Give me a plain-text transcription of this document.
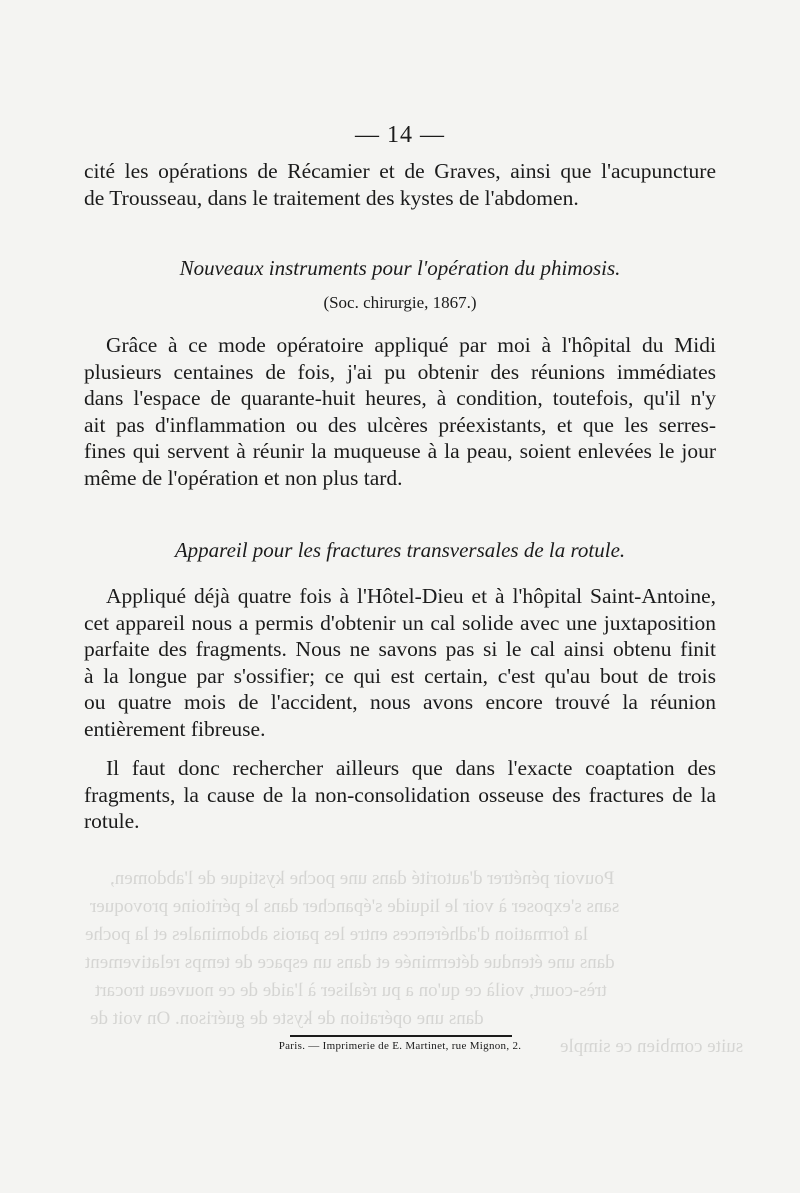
Pouvoir pénétrer d'autorité dans une poche kystique de l'abdomen,
sans s'exposer à voir le liquide s'épancher dans le péritoine provoquer
la formation d'adhérences entre les parois abdominales et la poche
dans une étendue déterminée et dans un espace de temps relativement
très-court, voilà ce qu'on a pu réaliser à l'aide de ce nouveau trocart
dans une opération de kyste de guérison. On voit de
suite combien ce simple
— 14 —
cité les opérations de Récamier et de Graves, ainsi que l'acupuncture
de Trousseau, dans le traitement des kystes de l'abdomen.
Nouveaux instruments pour l'opération du phimosis.
(Soc. chirurgie, 1867.)
Grâce à ce mode opératoire appliqué par moi à l'hôpital du Midi
plusieurs centaines de fois, j'ai pu obtenir des réunions immédiates
dans l'espace de quarante-huit heures, à condition, toutefois, qu'il n'y
ait pas d'inflammation ou des ulcères préexistants, et que les serres-
fines qui servent à réunir la muqueuse à la peau, soient enlevées le jour
même de l'opération et non plus tard.
Appareil pour les fractures transversales de la rotule.
Appliqué déjà quatre fois à l'Hôtel-Dieu et à l'hôpital Saint-Antoine,
cet appareil nous a permis d'obtenir un cal solide avec une juxtaposition
parfaite des fragments. Nous ne savons pas si le cal ainsi obtenu finit
à la longue par s'ossifier; ce qui est certain, c'est qu'au bout de trois
ou quatre mois de l'accident, nous avons encore trouvé la réunion
entièrement fibreuse.
Il faut donc rechercher ailleurs que dans l'exacte coaptation des
fragments, la cause de la non-consolidation osseuse des fractures de la
rotule.
Paris. — Imprimerie de E. Martinet, rue Mignon, 2.
